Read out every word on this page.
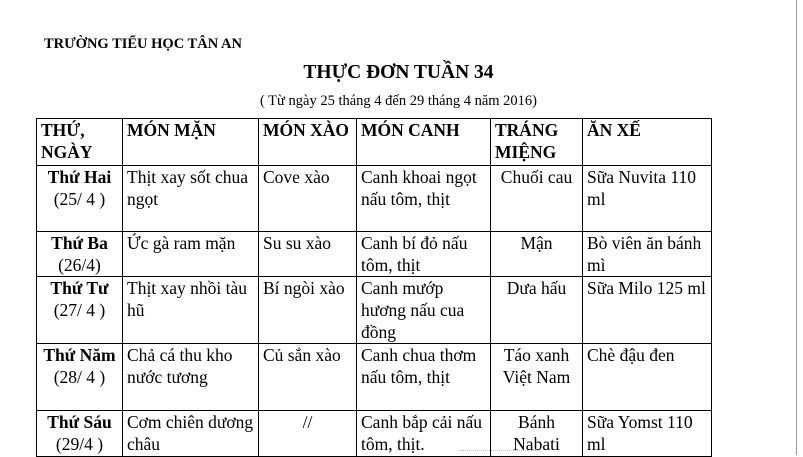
TRƯỜNG TIỂU HỌC TÂN AN
THỰC ĐƠN TUẦN 34
( Từ ngày 25 tháng 4 đến 29 tháng 4 năm 2016)
THỨ, NGÀY	MÓN MẶN	MÓN XÀO	MÓN CANH	TRÁNG MIỆNG	ĂN XẾ

Thứ Hai
(25/ 4 )	Thịt xay sốt chua ngọt	Cove xào	Canh khoai ngọt nấu tôm, thịt	Chuối cau	Sữa Nuvita 110 ml

Thứ Ba
(26/4)	Ức gà ram mặn	Su su xào	Canh bí đỏ nấu tôm, thịt	Mận	Bò viên ăn bánh mì

Thứ Tư
(27/ 4 )	Thịt xay nhồi tàu hũ	Bí ngòi xào	Canh mướp hương nấu cua đồng	Dưa hấu	Sữa Milo 125 ml

Thứ Năm
(28/ 4 )	Chả cá thu kho nước tương	Củ sắn xào	Canh chua thơm nấu tôm, thịt	Táo xanh Việt Nam	Chè đậu đen

Thứ Sáu
(29/4 )	Cơm chiên dương châu	//	Canh bắp cải nấu tôm, thịt.	Bánh Nabati	Sữa Yomst 110 ml
